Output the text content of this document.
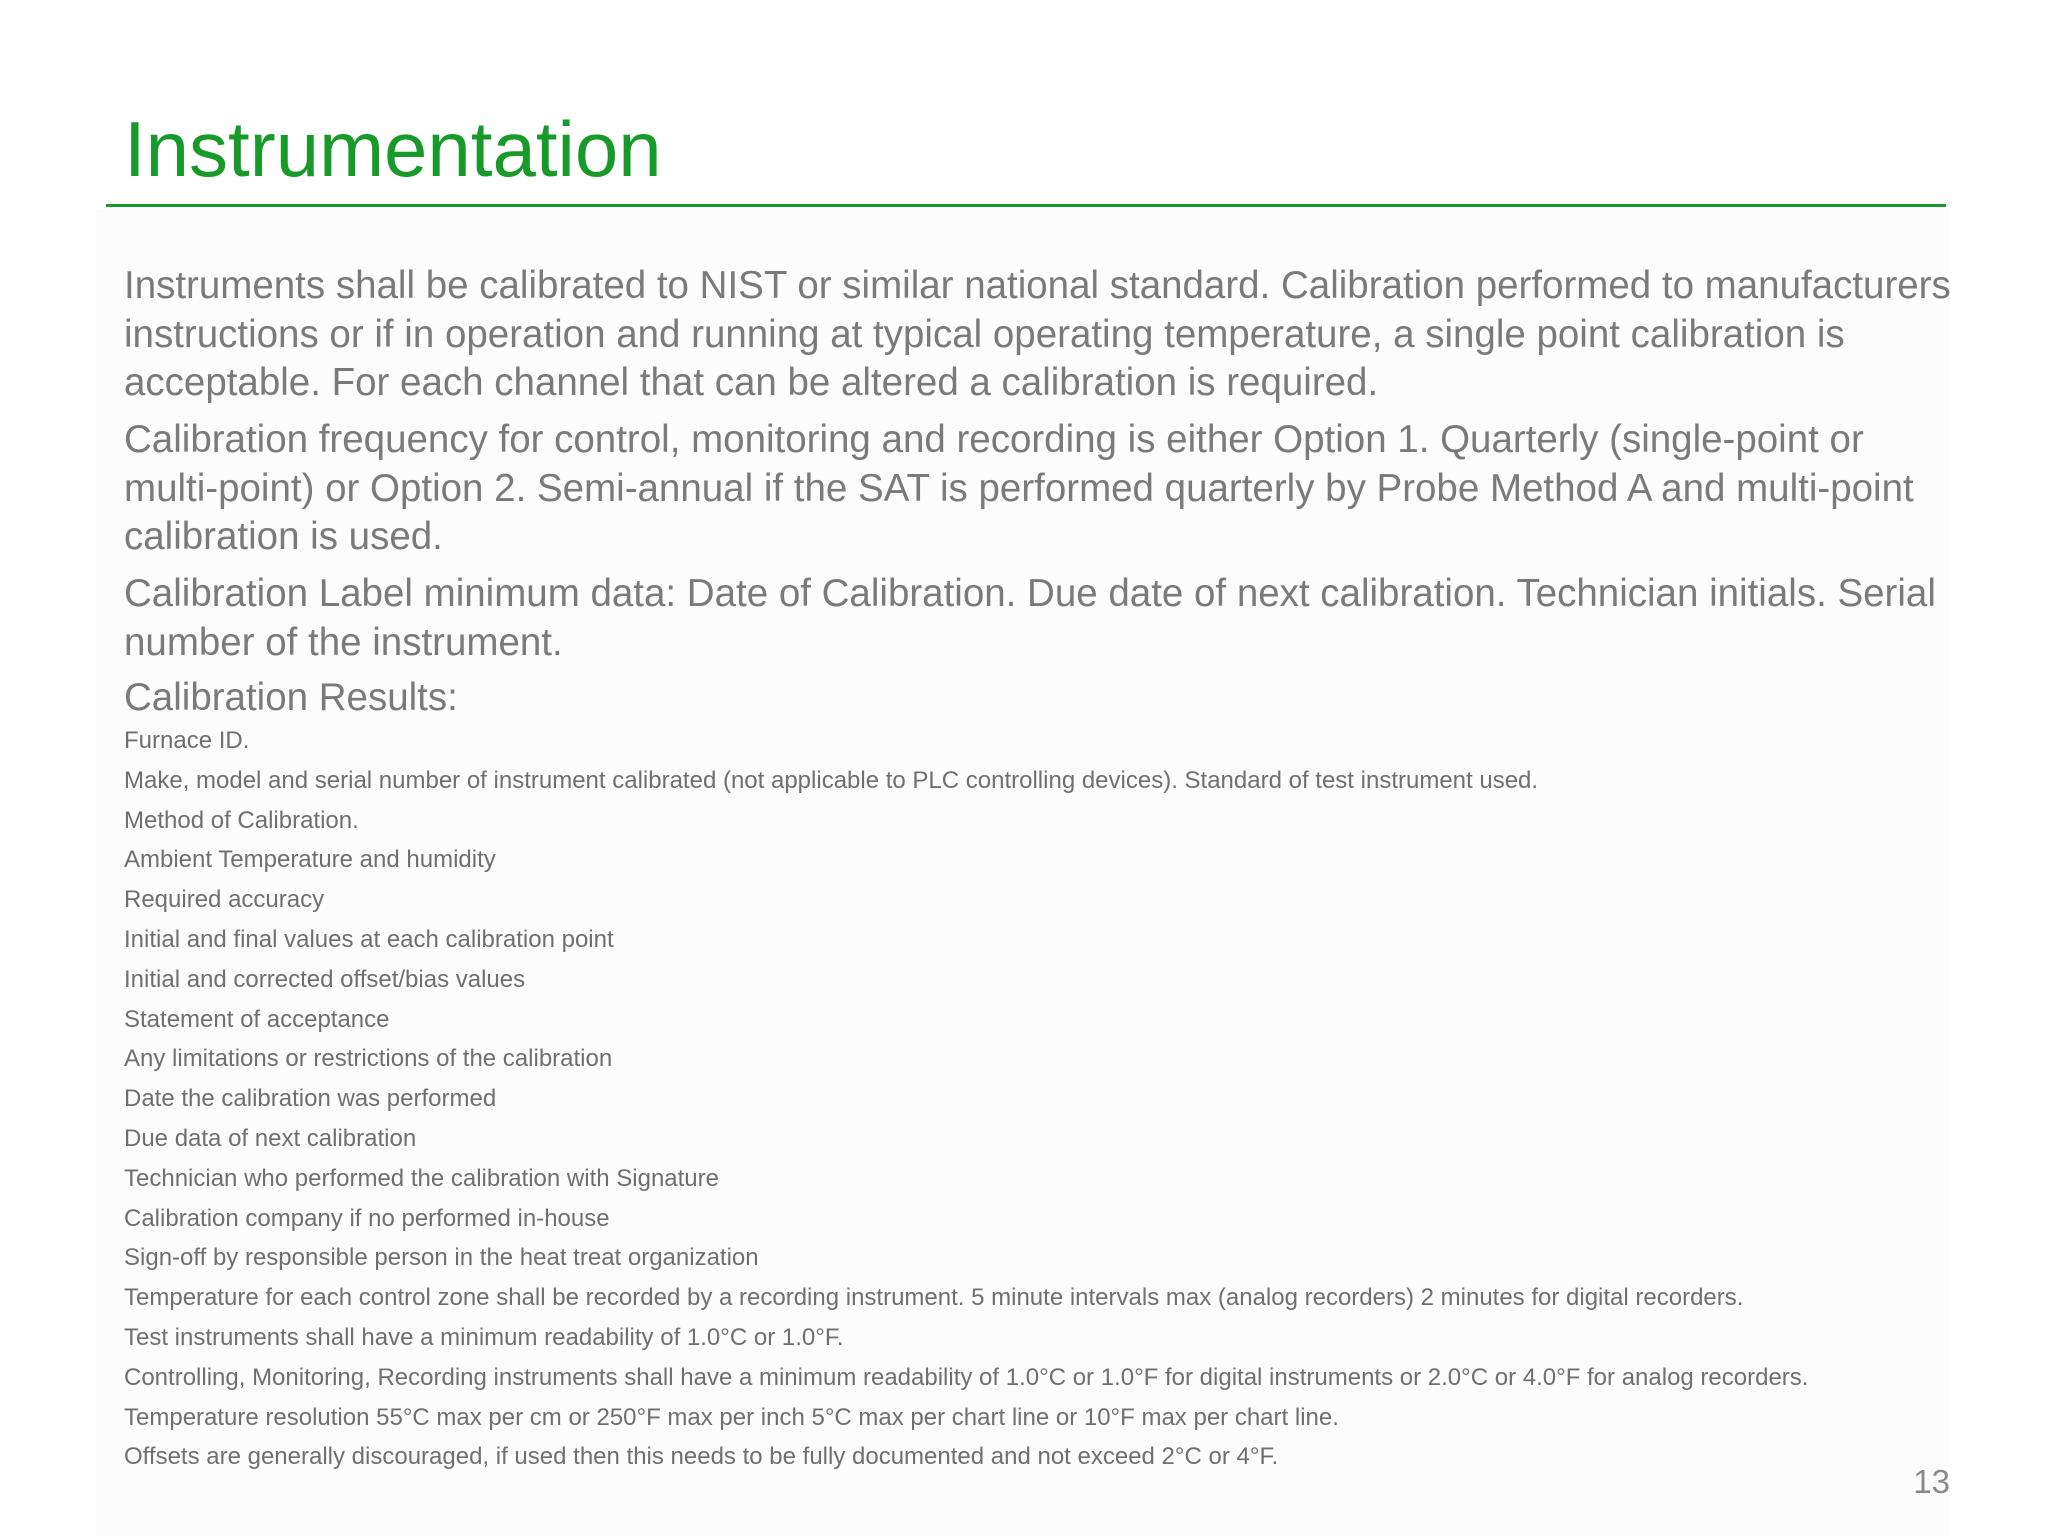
Instrumentation

Instruments shall be calibrated to NIST or similar national standard. Calibration performed to manufacturers instructions or if in operation and running at typical operating temperature, a single point calibration is acceptable. For each channel that can be altered a calibration is required.

Calibration frequency for control, monitoring and recording is either Option 1. Quarterly (single-point or multi-point) or Option 2. Semi-annual if the SAT is performed quarterly by Probe Method A and multi-point calibration is used.

Calibration Label minimum data: Date of Calibration. Due date of next calibration. Technician initials. Serial number of the instrument.

Calibration Results:

Furnace ID.
Make, model and serial number of instrument calibrated (not applicable to PLC controlling devices). Standard of test instrument used.
Method of Calibration.
Ambient Temperature and humidity
Required accuracy
Initial and final values at each calibration point
Initial and corrected offset/bias values
Statement of acceptance
Any limitations or restrictions of the calibration
Date the calibration was performed
Due data of next calibration
Technician who performed the calibration with Signature
Calibration company if no performed in-house
Sign-off by responsible person in the heat treat organization
Temperature for each control zone shall be recorded by a recording instrument. 5 minute intervals max (analog recorders) 2 minutes for digital recorders.
Test instruments shall have a minimum readability of 1.0°C or 1.0°F.
Controlling, Monitoring, Recording instruments shall have a minimum readability of 1.0°C or 1.0°F for digital instruments or 2.0°C or 4.0°F for analog recorders.
Temperature resolution 55°C max per cm or 250°F max per inch 5°C max per chart line or 10°F max per chart line.
Offsets are generally discouraged, if used then this needs to be fully documented and not exceed 2°C or 4°F.
13
